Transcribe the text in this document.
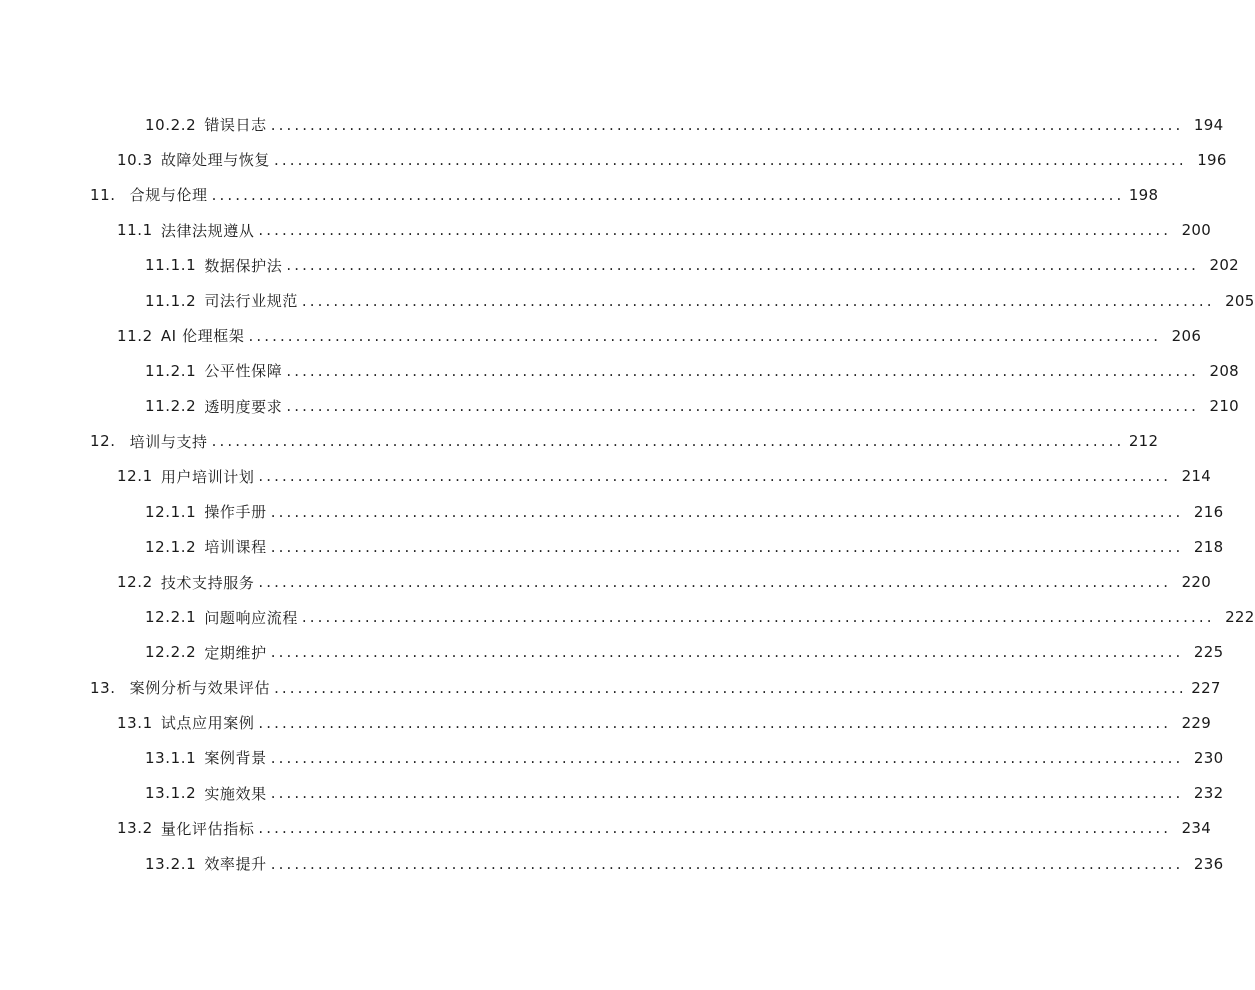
10.2.2 错误日志 .................................................................................................................... 194
10.3 故障处理与恢复 .................................................................................................................... 196
11. 合规与伦理 .................................................................................................................... 198
11.1 法律法规遵从 .................................................................................................................... 200
11.1.1 数据保护法 .................................................................................................................... 202
11.1.2 司法行业规范 .................................................................................................................... 205
11.2 AI 伦理框架 .................................................................................................................... 206
11.2.1 公平性保障 .................................................................................................................... 208
11.2.2 透明度要求 .................................................................................................................... 210
12. 培训与支持 .................................................................................................................... 212
12.1 用户培训计划 .................................................................................................................... 214
12.1.1 操作手册 .................................................................................................................... 216
12.1.2 培训课程 .................................................................................................................... 218
12.2 技术支持服务 .................................................................................................................... 220
12.2.1 问题响应流程 .................................................................................................................... 222
12.2.2 定期维护 .................................................................................................................... 225
13. 案例分析与效果评估 .................................................................................................................... 227
13.1 试点应用案例 .................................................................................................................... 229
13.1.1 案例背景 .................................................................................................................... 230
13.1.2 实施效果 .................................................................................................................... 232
13.2 量化评估指标 .................................................................................................................... 234
13.2.1 效率提升 .................................................................................................................... 236
